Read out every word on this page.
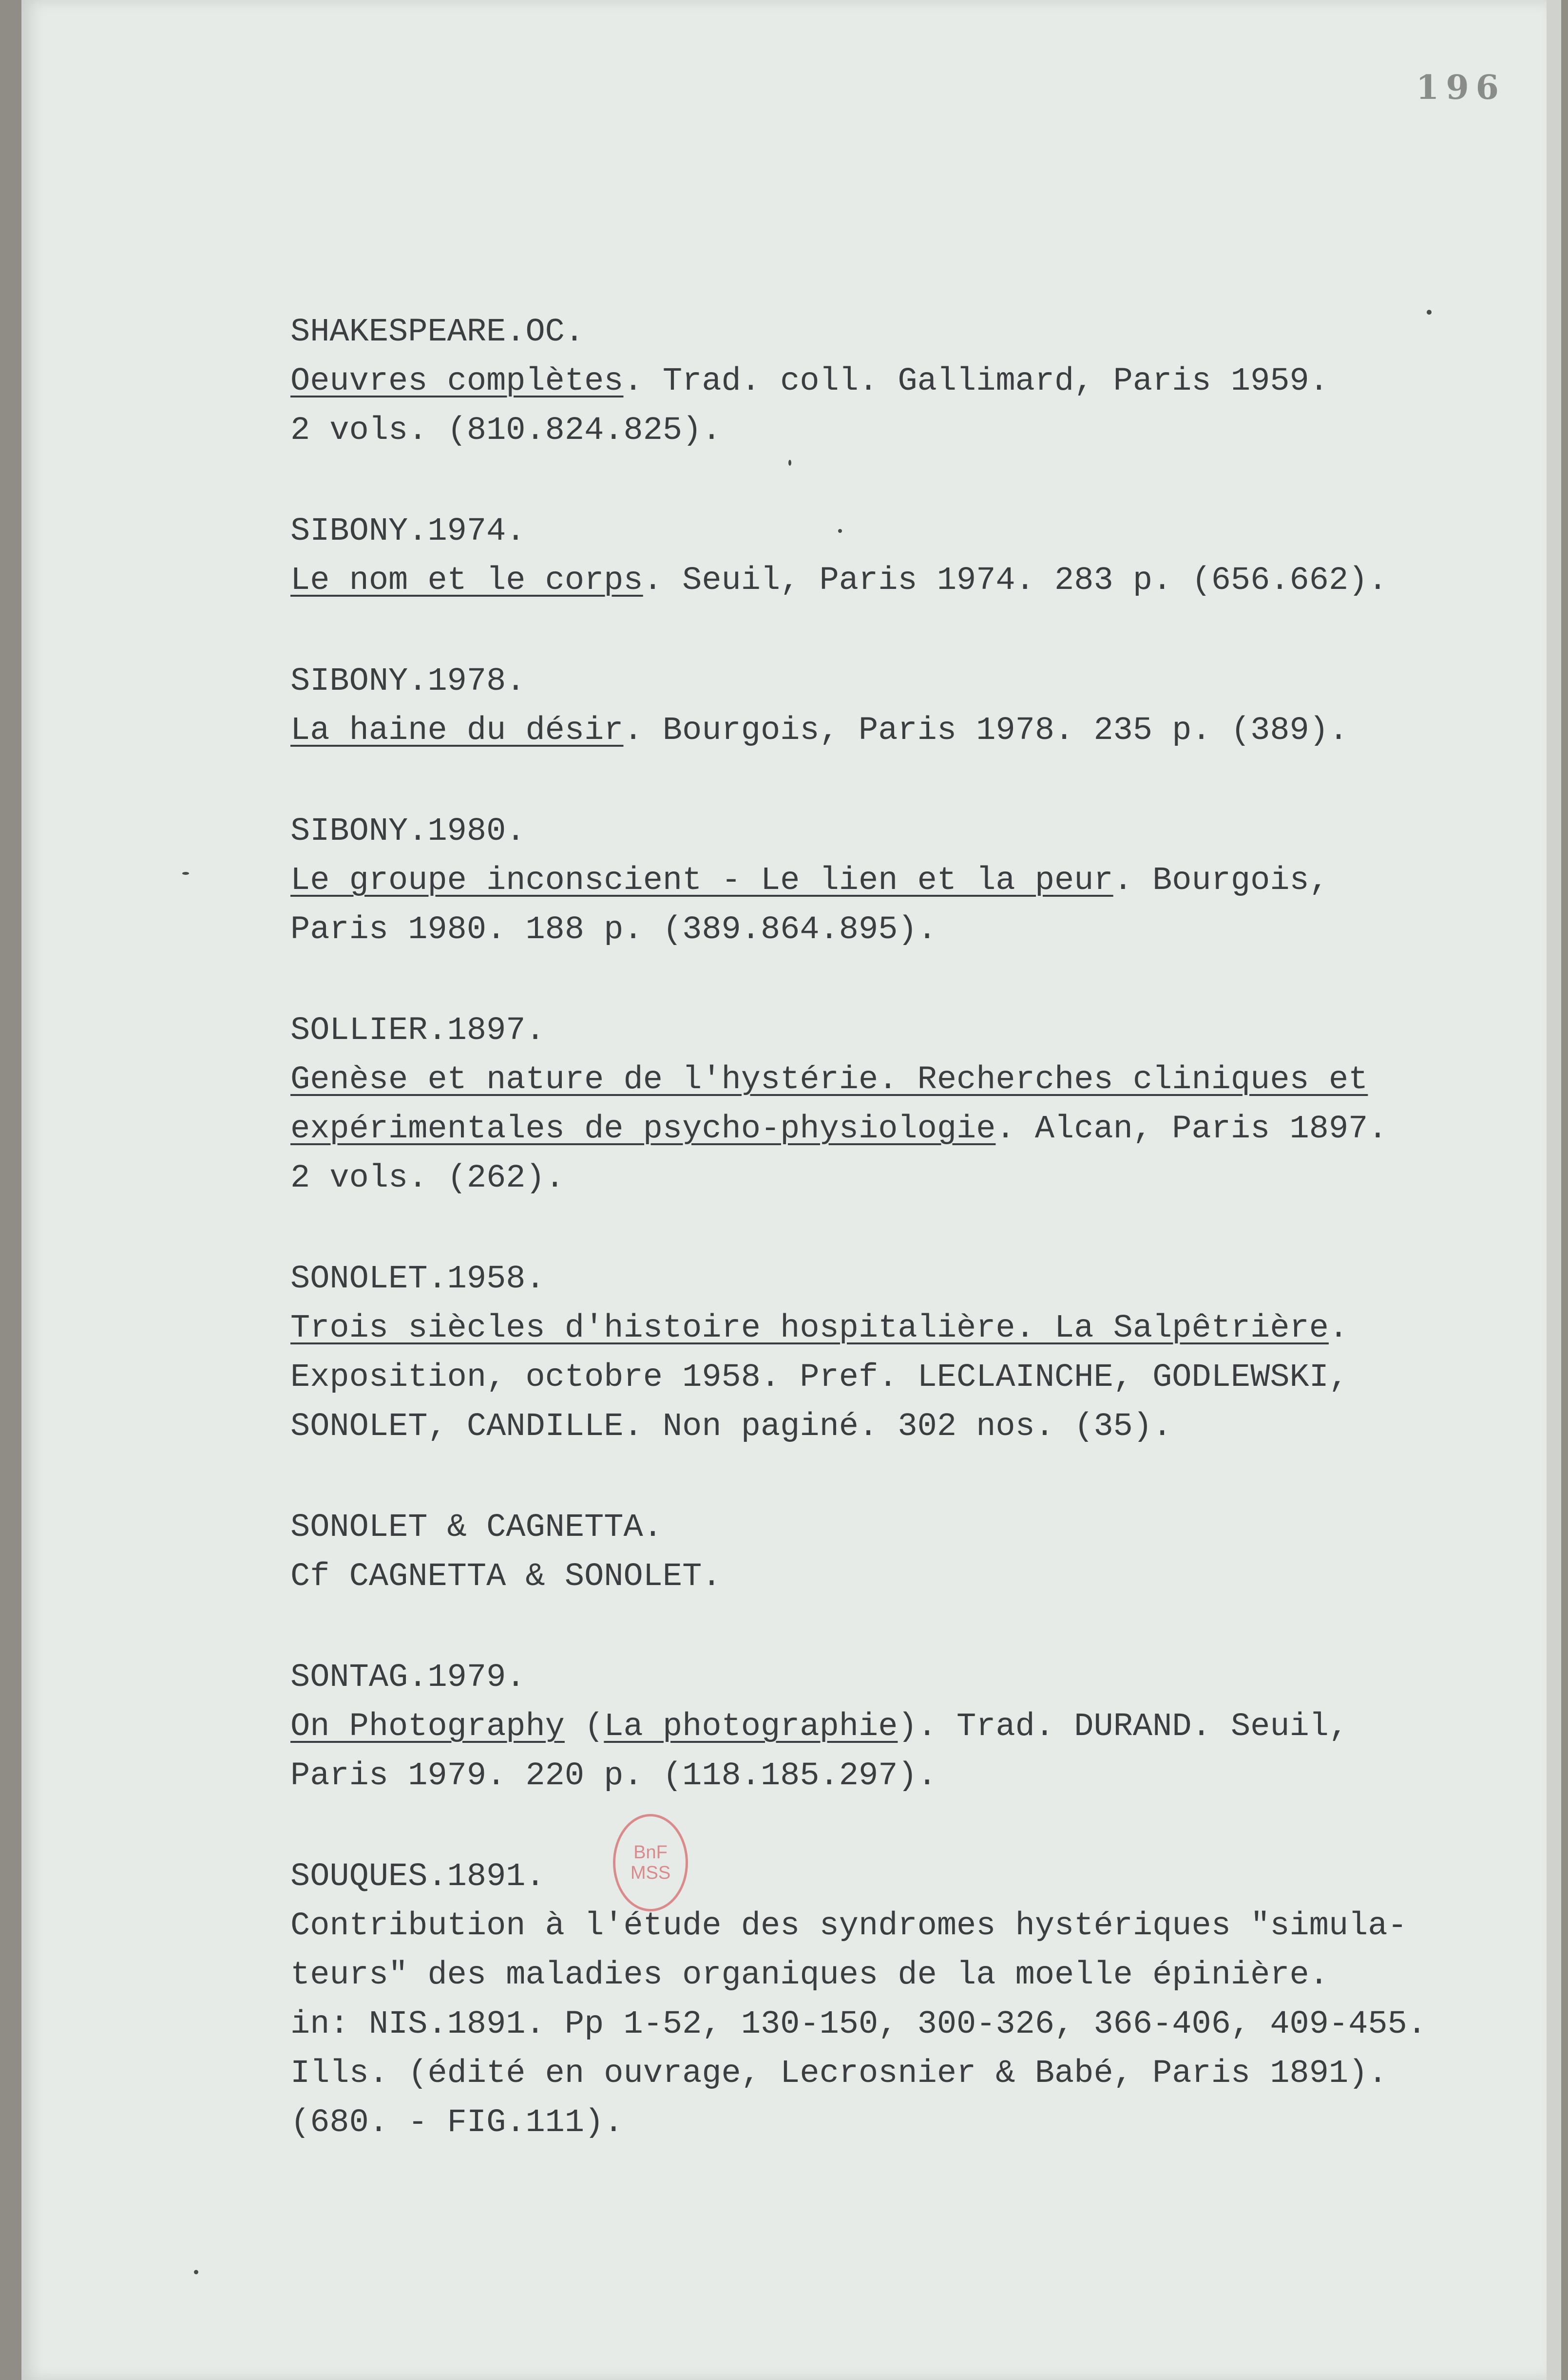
196
SHAKESPEARE.OC.
Oeuvres complètes. Trad. coll. Gallimard, Paris 1959.
2 vols. (810.824.825).
SIBONY.1974.
Le nom et le corps. Seuil, Paris 1974. 283 p. (656.662).
SIBONY.1978.
La haine du désir. Bourgois, Paris 1978. 235 p. (389).
SIBONY.1980.
Le groupe inconscient - Le lien et la peur. Bourgois,
Paris 1980. 188 p. (389.864.895).
SOLLIER.1897.
Genèse et nature de l'hystérie. Recherches cliniques et
expérimentales de psycho-physiologie. Alcan, Paris 1897.
2 vols. (262).
SONOLET.1958.
Trois siècles d'histoire hospitalière. La Salpêtrière.
Exposition, octobre 1958. Pref. LECLAINCHE, GODLEWSKI,
SONOLET, CANDILLE. Non paginé. 302 nos. (35).
SONOLET & CAGNETTA.
Cf CAGNETTA & SONOLET.
SONTAG.1979.
On Photography (La photographie). Trad. DURAND. Seuil,
Paris 1979. 220 p. (118.185.297).
SOUQUES.1891.
Contribution à l'étude des syndromes hystériques "simula-
teurs" des maladies organiques de la moelle épinière.
in: NIS.1891. Pp 1-52, 130-150, 300-326, 366-406, 409-455.
Ills. (édité en ouvrage, Lecrosnier & Babé, Paris 1891).
(680. - FIG.111).
BnF
MSS
